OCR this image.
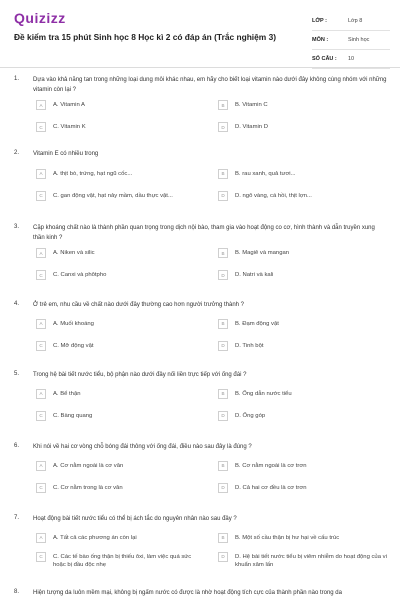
Quizizz
Đề kiểm tra 15 phút Sinh học 8 Học kì 2 có đáp án (Trắc nghiệm 3)
LỚP :	Lớp 8
MÔN :	Sinh học
SỐ CÂU :	10
1. Dựa vào khả năng tan trong những loại dung môi khác nhau, em hãy cho biết loại vitamin nào dưới đây không cùng nhóm với những vitamin còn lại ?
A	A. Vitamin A	B	B. Vitamin C
C	C. Vitamin K	D	D. Vitamin D
2. Vitamin E có nhiều trong
A	A. thịt bò, trứng, hạt ngũ cốc...	B	B. rau xanh, quả tươi...
C	C. gan động vật, hạt nảy mầm, dầu thực vật...	D	D. ngô vàng, cá hồi, thịt lợn...
3. Cặp khoáng chất nào là thành phần quan trọng trong dịch nội bào, tham gia vào hoạt động co cơ, hình thành và dẫn truyền xung thần kinh ?
A	A. Niken và silic	B	B. Magiê và mangan
C	C. Canxi và phôtpho	D	D. Natri và kali
4. Ở trẻ em, nhu cầu về chất nào dưới đây thường cao hơn người trưởng thành ?
A	A. Muối khoáng	B	B. Đạm động vật
C	C. Mỡ động vật	D	D. Tinh bột
5. Trong hệ bài tiết nước tiểu, bộ phận nào dưới đây nối liền trực tiếp với ống đái ?
A	A. Bể thận	B	B. Ống dẫn nước tiểu
C	C. Bàng quang	D	D. Ống góp
6. Khi nói về hai cơ vòng chỗ bóng đái thông với ống đái, điều nào sau đây là đúng ?
A	A. Cơ nằm ngoài là cơ vân	B	B. Cơ nằm ngoài là cơ trơn
C	C. Cơ nằm trong là cơ vân	D	D. Cả hai cơ đều là cơ trơn
7. Hoạt động bài tiết nước tiểu có thể bị ách tắc do nguyên nhân nào sau đây ?
A	A. Tất cả các phương án còn lại	B	B. Một số cầu thận bị hư hại về cấu trúc
C	C. Các tế bào ống thận bị thiếu ôxi, làm việc quá sức hoặc bị đầu độc nhẹ
D	D. Hệ bài tiết nước tiểu bị viêm nhiễm do hoạt động của vi khuẩn xâm lấn
8. Hiện tượng da luôn mềm mại, không bị ngấm nước có được là nhờ hoạt động tích cực của thành phần nào trong da
